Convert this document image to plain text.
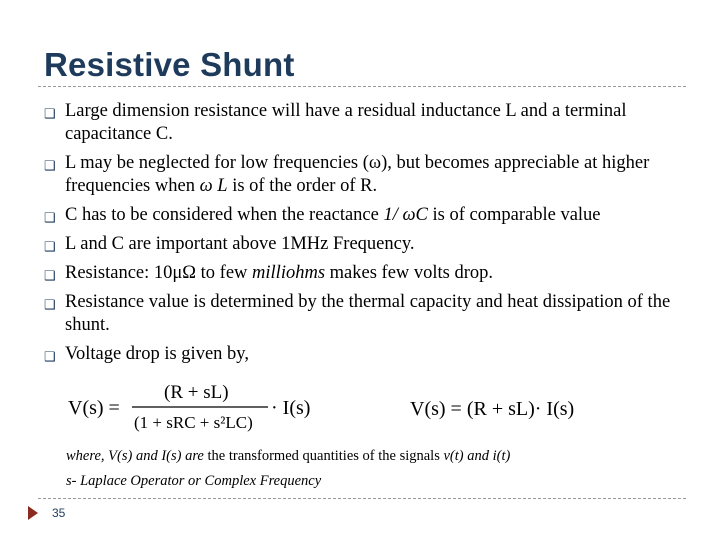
Resistive Shunt
❑ Large dimension resistance will have a residual inductance L and a terminal capacitance C.
❑ L may be neglected for low frequencies (ω), but becomes appreciable at higher frequencies when ω L is of the order of R.
❑ C has to be considered when the reactance 1/ ωC is of comparable value
❑ L and C are important above 1MHz Frequency.
❑ Resistance: 10μΩ to few milliohms makes few volts drop.
❑ Resistance value is determined by the thermal capacity and heat dissipation of the shunt.
❑ Voltage drop is given by,
V(s) =
(R + sL)
(1 + sRC + s²LC)
· I(s)	V(s) = (R + sL)· I(s)
where, V(s) and I(s) are the transformed quantities of the signals v(t) and i(t)
s- Laplace Operator or Complex Frequency
35
